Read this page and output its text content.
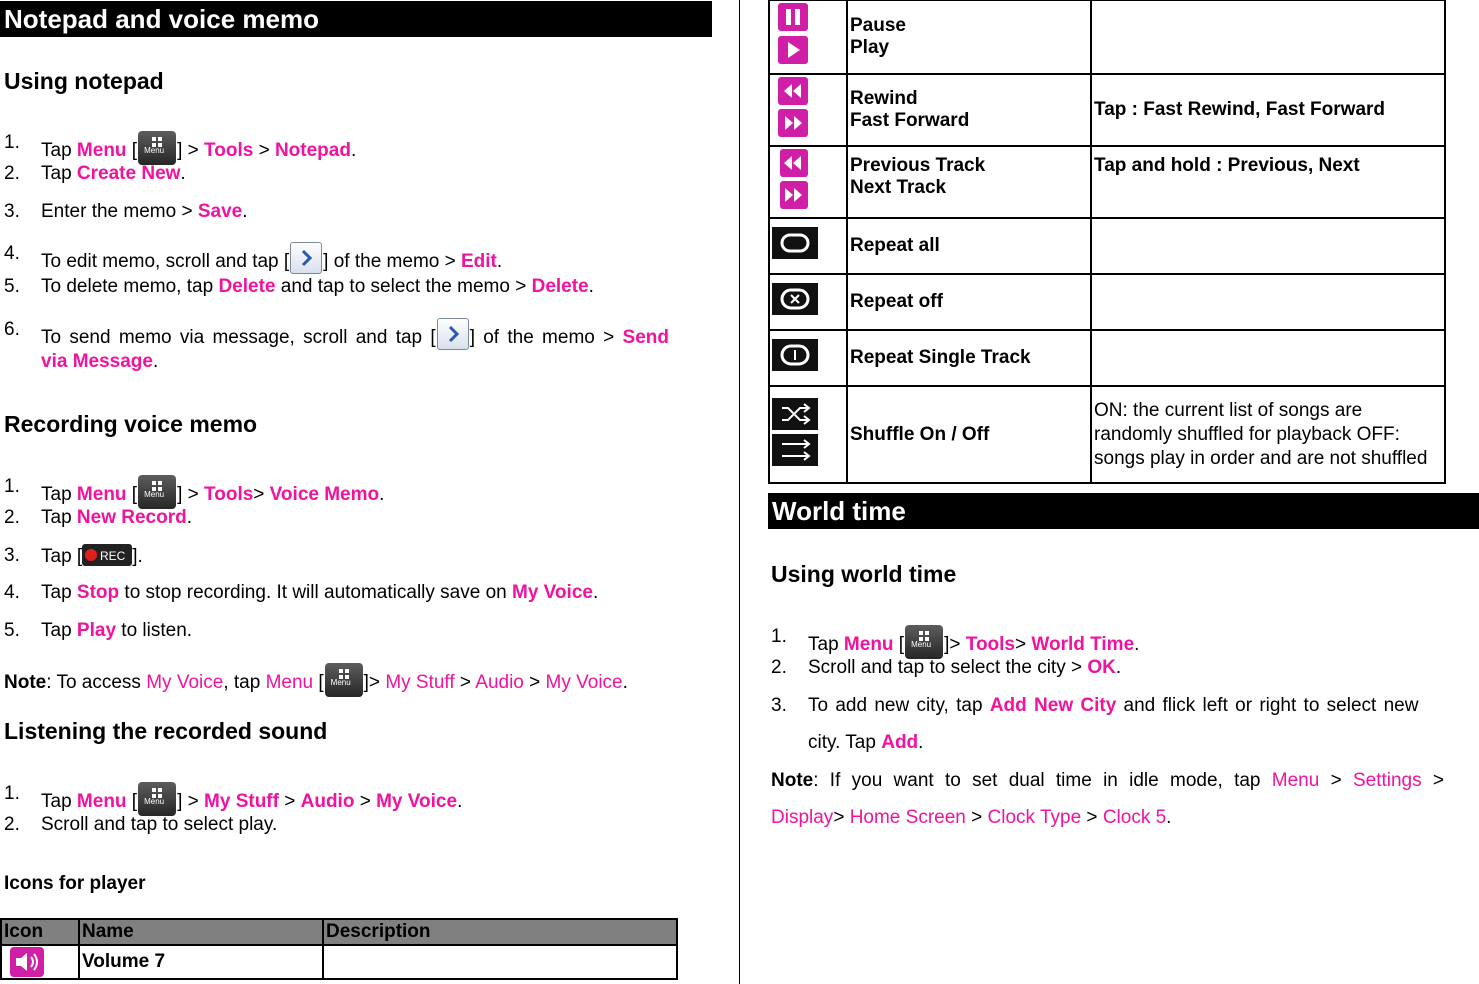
Notepad and voice memo
Using notepad
1. Tap Menu [ Menu ] > Tools > Notepad.
2. Tap Create New.
3. Enter the memo > Save.
4. To edit memo, scroll and tap [ ] of the memo > Edit.
5. To delete memo, tap Delete and tap to select the memo > Delete.
6. To send memo via message, scroll and tap [ ] of the memo > Send
via Message.
Recording voice memo
1. Tap Menu [ Menu ] > Tools> Voice Memo.
2. Tap New Record.
3. Tap [ REC ].
4. Tap Stop to stop recording. It will automatically save on My Voice.
5. Tap Play to listen.
Note: To access My Voice, tap Menu [ Menu ]> My Stuff > Audio > My Voice.
Listening the recorded sound
1. Tap Menu [ Menu ] > My Stuff > Audio > My Voice.
2. Scroll and tap to select play.
Icons for player
Icon	Name	Description

	Volume 7	

Pause
Play	

Rewind
Fast Forward	Tap : Fast Rewind, Fast Forward

Previous Track
Next Track	Tap and hold : Previous, Next
	Repeat all	
	Repeat off	
	Repeat Single Track	
	Shuffle On / Off	ON: the current list of songs are randomly shuffled for playback OFF: songs play in order and are not shuffled
World time
Using world time
1. Tap Menu [ Menu ]> Tools> World Time.
2. Scroll and tap to select the city > OK.
3. To add new city, tap Add New City and flick left or right to select new
city. Tap Add.
Note: If you want to set dual time in idle mode, tap Menu > Settings >
Display> Home Screen > Clock Type > Clock 5.
